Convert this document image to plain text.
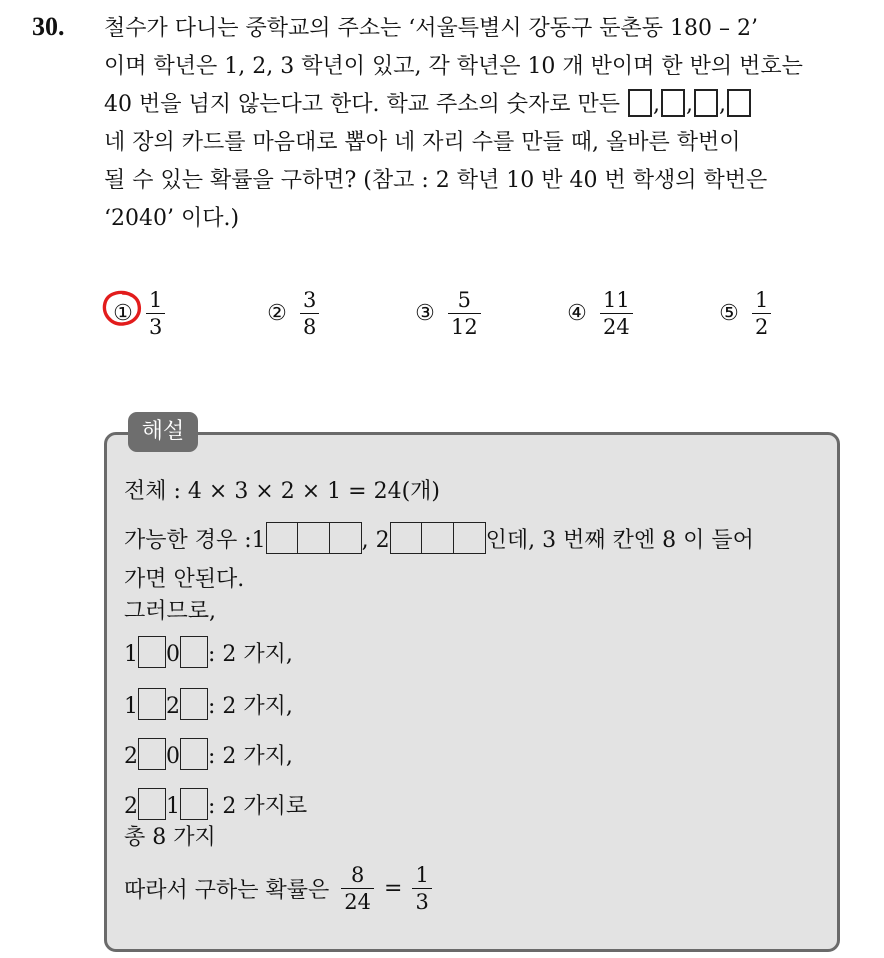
30. 철수가 다니는 중학교의 주소는 ‘서울특별시 강동구 둔촌동 180 – 2’
이며 학년은 1, 2, 3 학년이 있고, 각 학년은 10 개 반이며 한 반의 번호는
40 번을 넘지 않는다고 한다. 학교 주소의 숫자로 만든 , , ,
네 장의 카드를 마음대로 뽑아 네 자리 수를 만들 때, 올바른 학번이
될 수 있는 확률을 구하면? (참고 : 2 학년 10 반 40 번 학생의 학번은
‘2040’ 이다.)
① $\frac{1}{3}$	② $\frac{3}{8}$	③ $\frac{5}{12}$	④ $\frac{11}{24}$	⑤ $\frac{1}{2}$
해설
전체 : 4 × 3 × 2 × 1 = 24(개)
가능한 경우 :1	, 2	인데, 3 번째 칸엔 8 이 들어
가면 안된다.
그러므로,
1 0 : 2 가지,
1 2 : 2 가지,
2 0 : 2 가지,
2 1 : 2 가지로
총 8 가지
따라서 구하는 확률은 $\frac{8}{24} = \frac{1}{3}$
